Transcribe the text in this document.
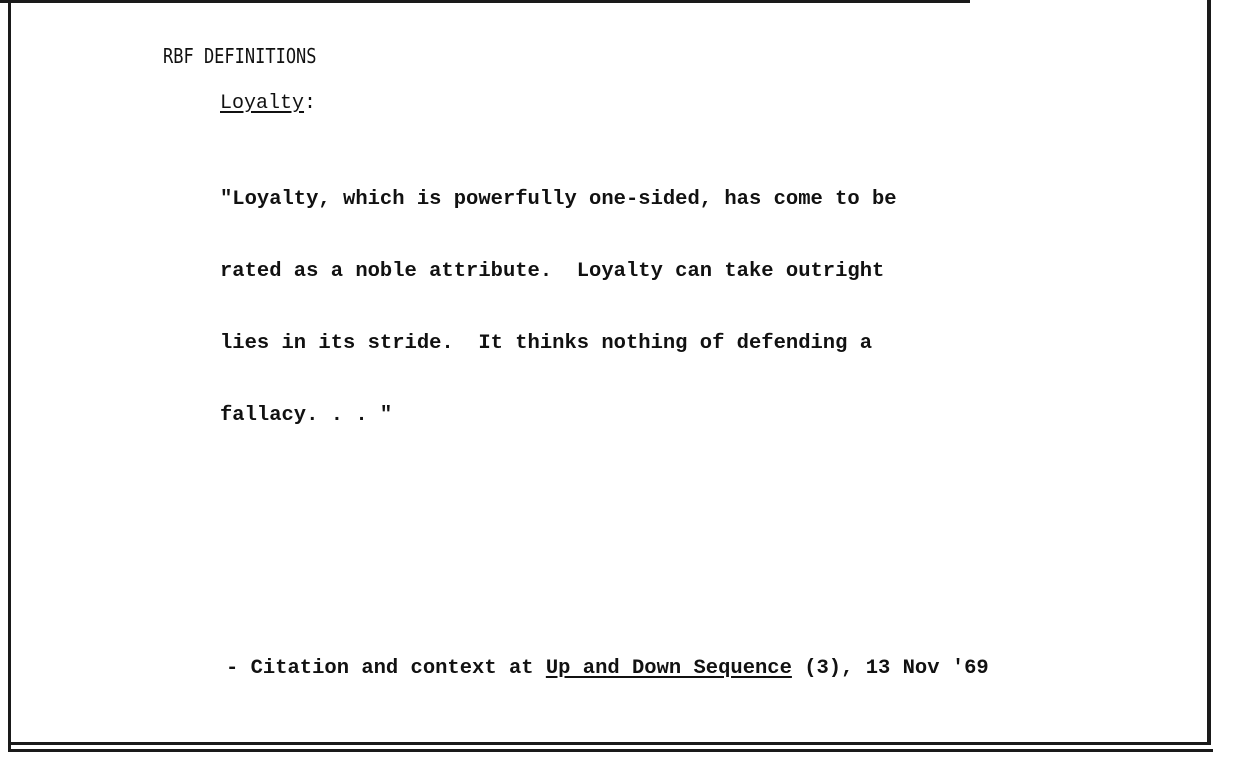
RBF DEFINITIONS
Loyalty:

"Loyalty, which is powerfully one-sided, has come to be

rated as a noble attribute.  Loyalty can take outright

lies in its stride.  It thinks nothing of defending a

fallacy. . . "

- Citation and context at Up and Down Sequence (3), 13 Nov '69
